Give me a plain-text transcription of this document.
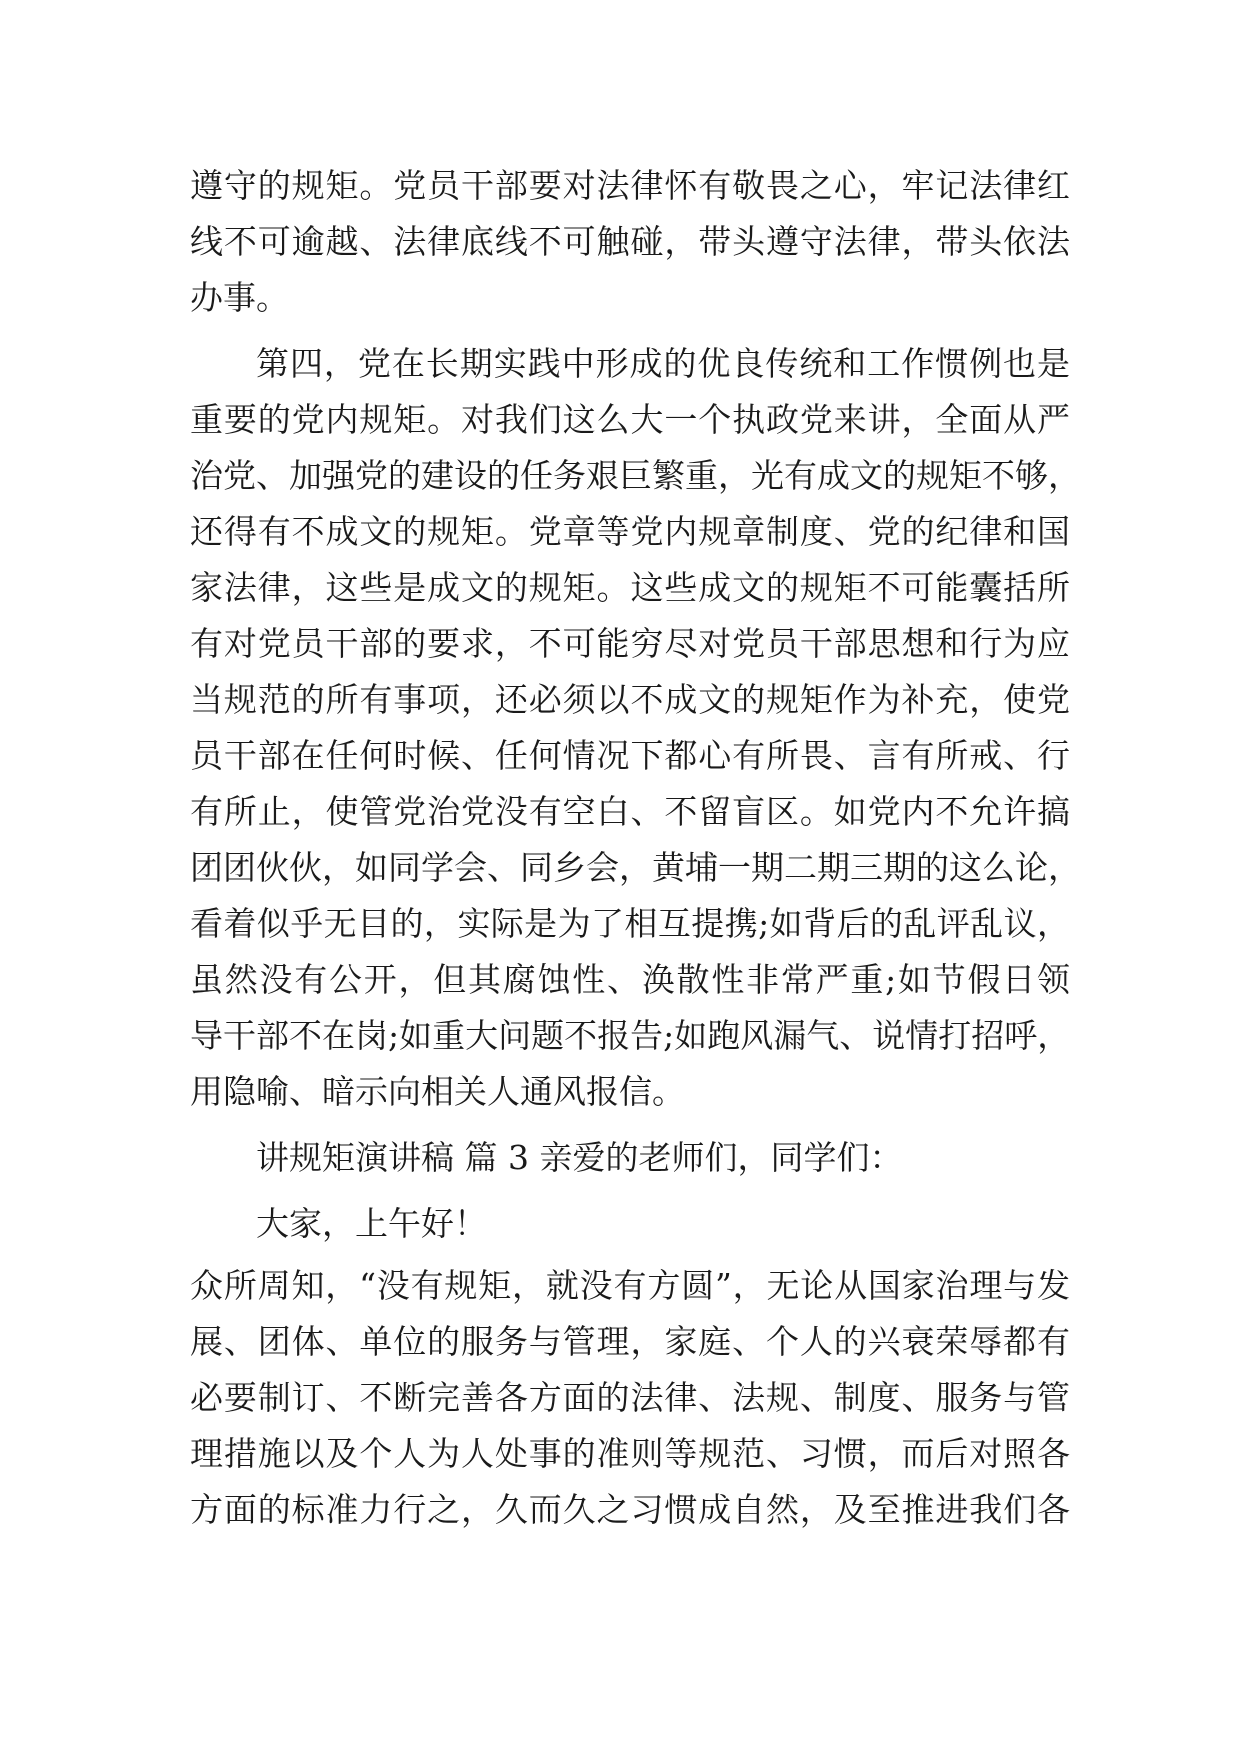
遵守的规矩。党员干部要对法律怀有敬畏之心，牢记法律红

线不可逾越、法律底线不可触碰，带头遵守法律，带头依法

办事。

第四，党在长期实践中形成的优良传统和工作惯例也是

重要的党内规矩。对我们这么大一个执政党来讲，全面从严

治党、加强党的建设的任务艰巨繁重，光有成文的规矩不够，

还得有不成文的规矩。党章等党内规章制度、党的纪律和国

家法律，这些是成文的规矩。这些成文的规矩不可能囊括所

有对党员干部的要求，不可能穷尽对党员干部思想和行为应

当规范的所有事项，还必须以不成文的规矩作为补充，使党

员干部在任何时候、任何情况下都心有所畏、言有所戒、行

有所止，使管党治党没有空白、不留盲区。如党内不允许搞

团团伙伙，如同学会、同乡会，黄埔一期二期三期的这么论，

看着似乎无目的，实际是为了相互提携;如背后的乱评乱议，

虽然没有公开，但其腐蚀性、涣散性非常严重;如节假日领

导干部不在岗;如重大问题不报告;如跑风漏气、说情打招呼，

用隐喻、暗示向相关人通风报信。

讲规矩演讲稿 篇 3 亲爱的老师们，同学们：

大家，上午好！

众所周知，“没有规矩，就没有方圆”，无论从国家治理与发

展、团体、单位的服务与管理，家庭、个人的兴衰荣辱都有

必要制订、不断完善各方面的法律、法规、制度、服务与管

理措施以及个人为人处事的准则等规范、习惯，而后对照各

方面的标准力行之，久而久之习惯成自然，及至推进我们各
